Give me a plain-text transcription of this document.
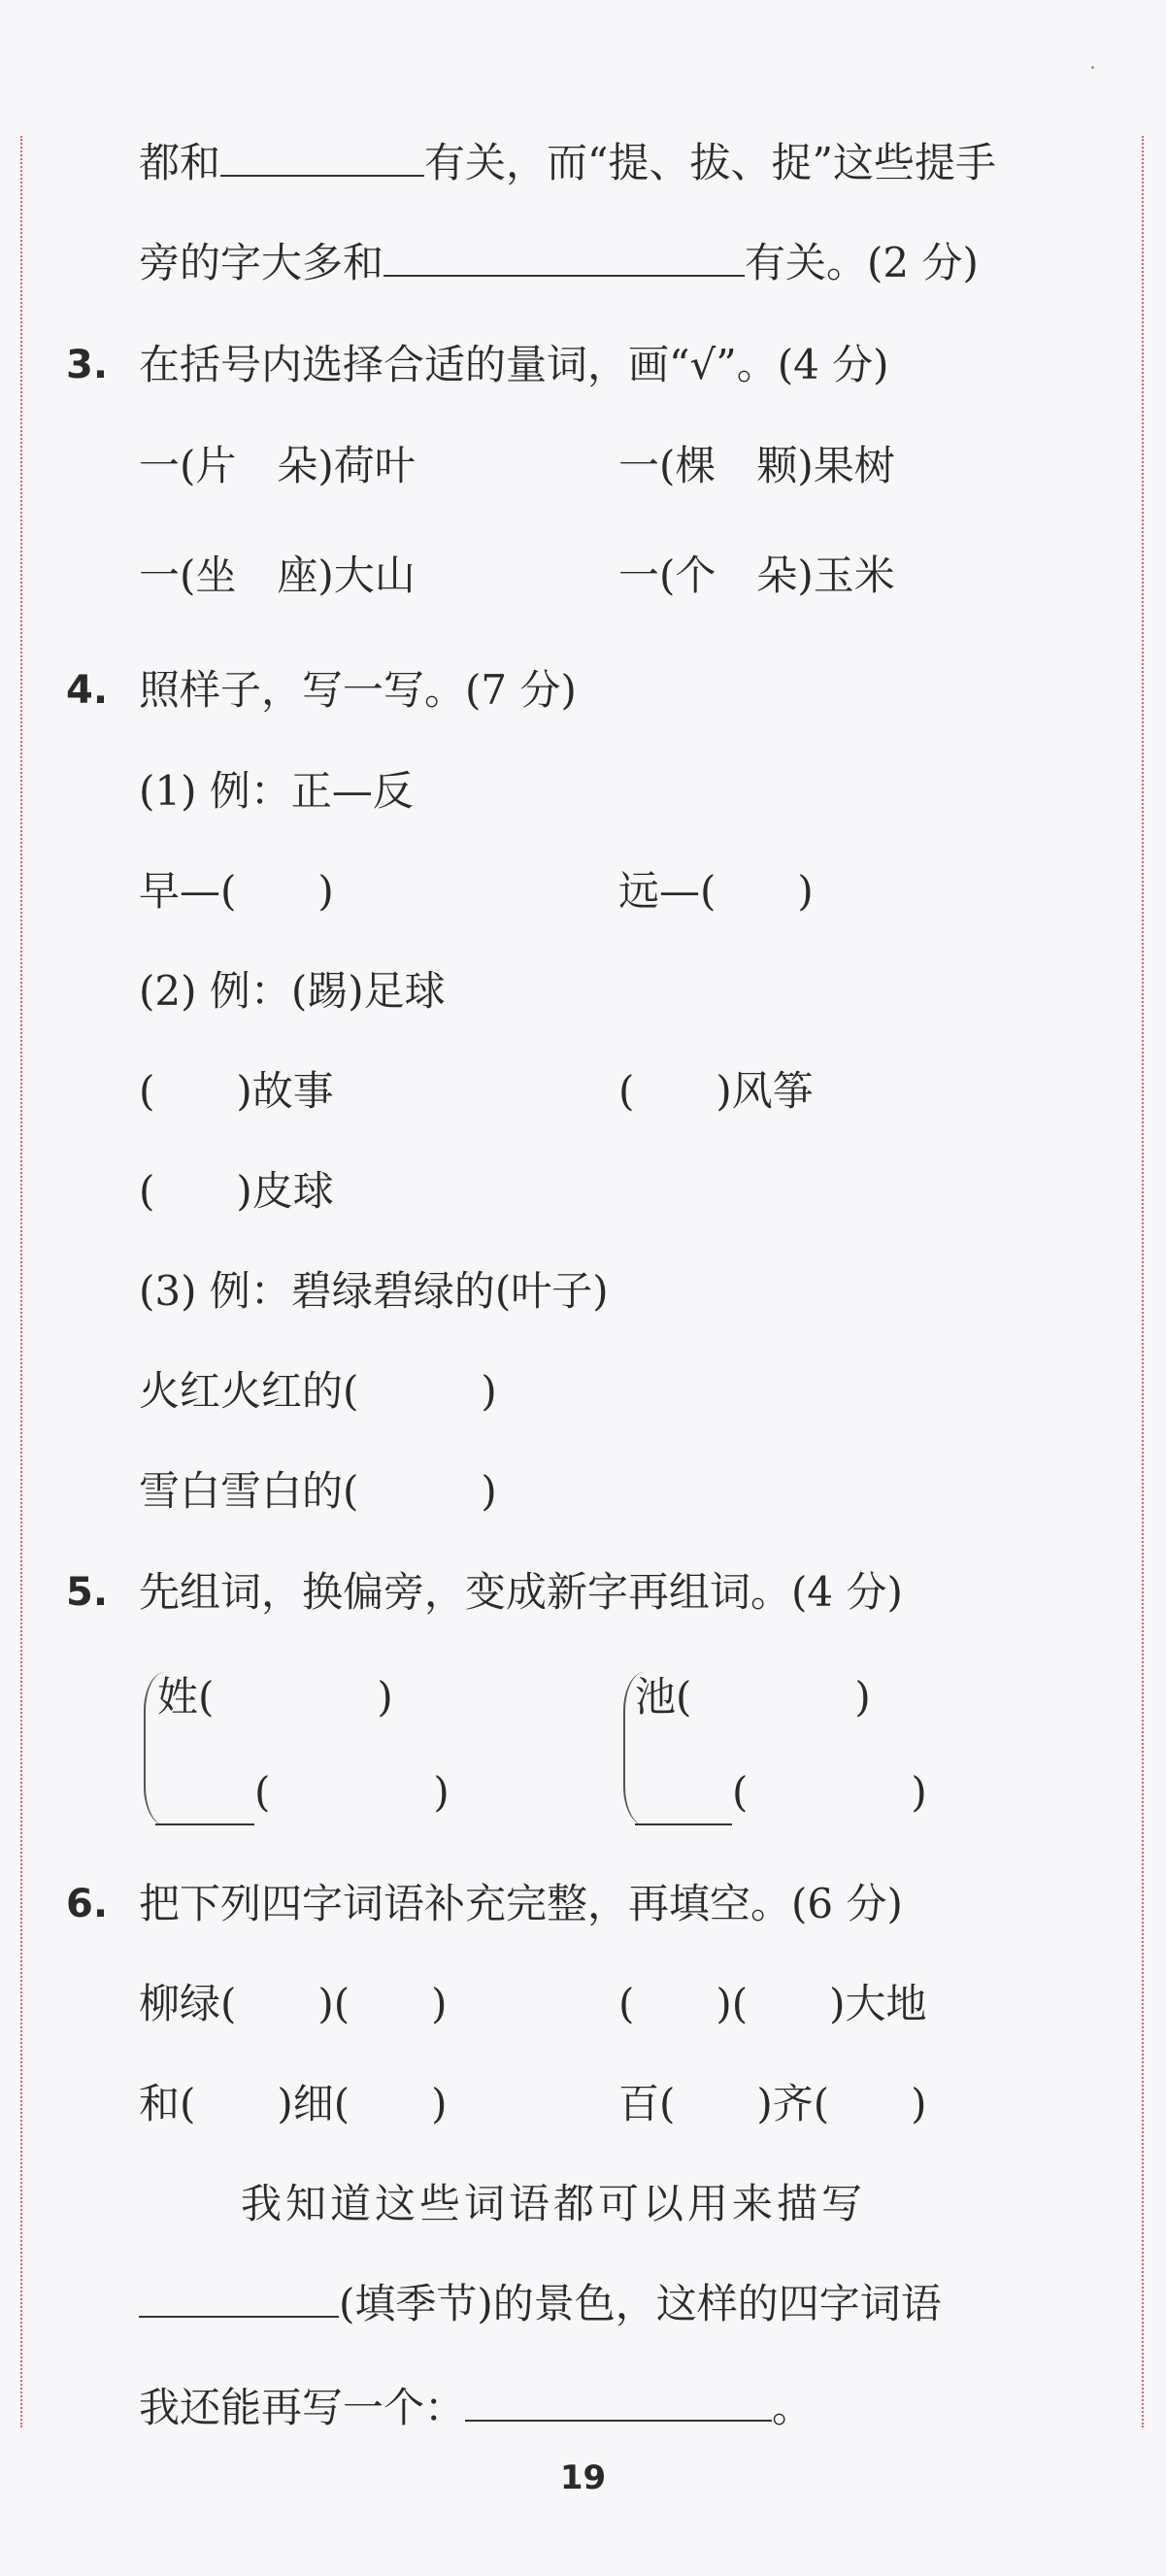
都和	有关，而“提、拔、捉”这些提手
旁的字大多和	有关。(2 分)
3. 在括号内选择合适的量词，画“√”。(4 分)
一(片　朵)荷叶	一(棵　颗)果树
一(坐　座)大山	一(个　朵)玉米
4. 照样子，写一写。(7 分)
(1) 例：正—反
早—(　　)	远—(　　)
(2) 例：(踢)足球
(　　)故事	(　　)风筝
(　　)皮球
(3) 例：碧绿碧绿的(叶子)
火红火红的(　　　)
雪白雪白的(　　　)
5. 先组词，换偏旁，变成新字再组词。(4 分)
姓(　　　　)
(　　　　)
池(　　　　)
(　　　　)
6. 把下列四字词语补充完整，再填空。(6 分)
柳绿(　　)(　　)	(　　)(　　)大地
和(　　)细(　　)	百(　　)齐(　　)
我知道这些词语都可以用来描写
(填季节)的景色，这样的四字词语
我还能再写一个：	。
19
